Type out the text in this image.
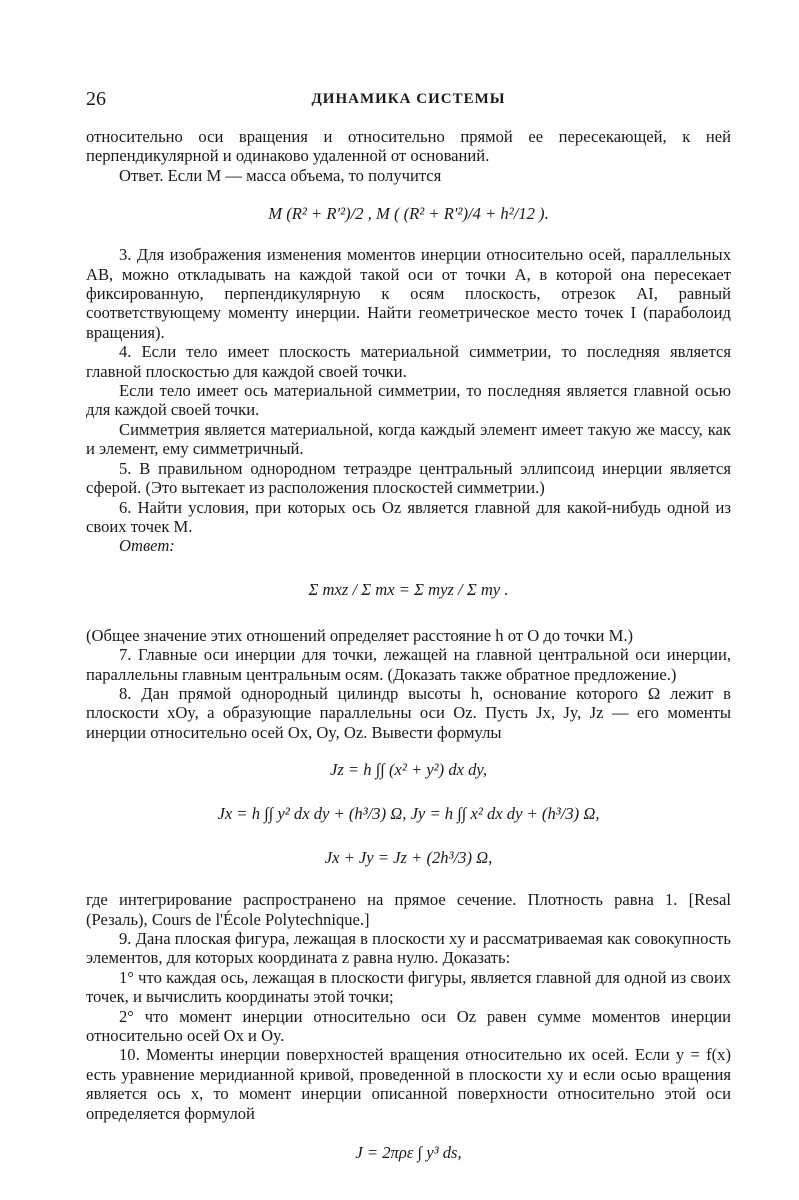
26	ДИНАМИКА СИСТЕМЫ

относительно оси вращения и относительно прямой ее пересекающей, к ней перпендикулярной и одинаково удаленной от оснований.

Ответ. Если M — масса объема, то получится

M (R² + R′²)/2 , M ( (R² + R′²)/4 + h²/12 ).

3. Для изображения изменения моментов инерции относительно осей, параллельных AB, можно откладывать на каждой такой оси от точки A, в которой она пересекает фиксированную, перпендикулярную к осям плоскость, отрезок AI, равный соответствующему моменту инерции. Найти геометрическое место точек I (параболоид вращения).

4. Если тело имеет плоскость материальной симметрии, то последняя является главной плоскостью для каждой своей точки.

Если тело имеет ось материальной симметрии, то последняя является главной осью для каждой своей точки.

Симметрия является материальной, когда каждый элемент имеет такую же массу, как и элемент, ему симметричный.

5. В правильном однородном тетраэдре центральный эллипсоид инерции является сферой. (Это вытекает из расположения плоскостей симметрии.)

6. Найти условия, при которых ось Oz является главной для какой-нибудь одной из своих точек M.

Ответ:

Σ mxz / Σ mx = Σ myz / Σ my .

(Общее значение этих отношений определяет расстояние h от O до точки M.)

7. Главные оси инерции для точки, лежащей на главной центральной оси инерции, параллельны главным центральным осям. (Доказать также обратное предложение.)

8. Дан прямой однородный цилиндр высоты h, основание которого Ω лежит в плоскости xOy, а образующие параллельны оси Oz. Пусть Jx, Jy, Jz — его моменты инерции относительно осей Ox, Oy, Oz. Вывести формулы

Jz = h ∫∫ (x² + y²) dx dy,
Jx = h ∫∫ y² dx dy + (h³/3) Ω, Jy = h ∫∫ x² dx dy + (h³/3) Ω,
Jx + Jy = Jz + (2h³/3) Ω,

где интегрирование распространено на прямое сечение. Плотность равна 1. [Resal (Резаль), Cours de l'École Polytechnique.]

9. Дана плоская фигура, лежащая в плоскости xy и рассматриваемая как совокупность элементов, для которых координата z равна нулю. Доказать:

1° что каждая ось, лежащая в плоскости фигуры, является главной для одной из своих точек, и вычислить координаты этой точки;

2° что момент инерции относительно оси Oz равен сумме моментов инерции относительно осей Ox и Oy.

10. Моменты инерции поверхностей вращения относительно их осей. Если y = f(x) есть уравнение меридиaнной кривой, проведенной в плоскости xy и если осью вращения является ось x, то момент инерции описанной поверхности относительно этой оси определяется формулой

J = 2πρε ∫ y³ ds,
